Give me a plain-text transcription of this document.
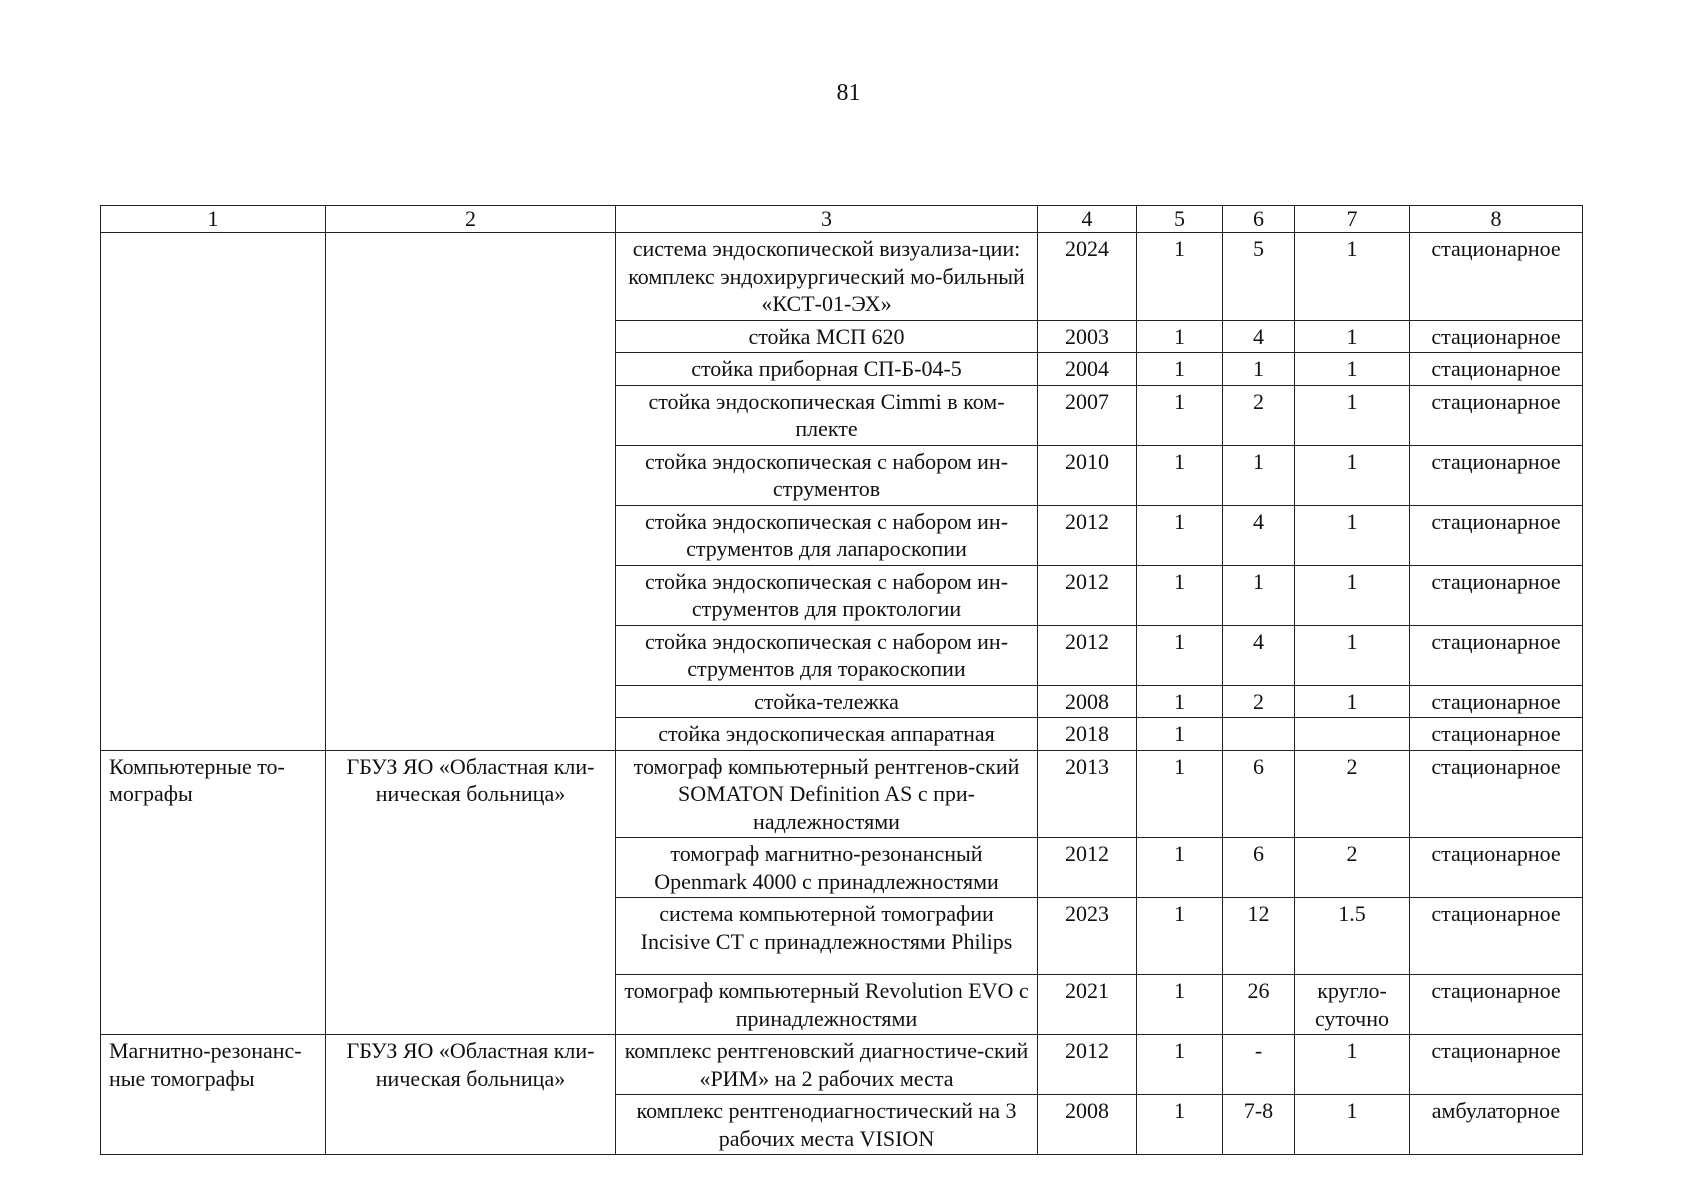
81
1	2	3	4	5	6	7	8
		система эндоскопической визуализа-ции: комплекс эндохирургический мо-бильный «КСТ-01-ЭХ»	2024	1	5	1	стационарное
		стойка МСП 620	2003	1	4	1	стационарное
		стойка приборная СП-Б-04-5	2004	1	1	1	стационарное
		стойка эндоскопическая Cimmi в ком-плекте	2007	1	2	1	стационарное
		стойка эндоскопическая с набором ин-струментов	2010	1	1	1	стационарное
		стойка эндоскопическая с набором ин-струментов для лапароскопии	2012	1	4	1	стационарное
		стойка эндоскопическая с набором ин-струментов для проктологии	2012	1	1	1	стационарное
		стойка эндоскопическая с набором ин-струментов для торакоскопии	2012	1	4	1	стационарное
		стойка-тележка	2008	1	2	1	стационарное
		стойка эндоскопическая аппаратная	2018	1			стационарное
Компьютерные то-мографы	ГБУЗ ЯО «Областная кли-ническая больница»	томограф компьютерный рентгенов-ский SOMATON Definition AS с при-надлежностями	2013	1	6	2	стационарное
		томограф магнитно-резонансный Openmark 4000 с принадлежностями	2012	1	6	2	стационарное
		система компьютерной томографии Incisive CT с принадлежностями Philips	2023	1	12	1.5	стационарное
		томограф компьютерный Revolution EVO с принадлежностями	2021	1	26	кругло-суточно	стационарное
Магнитно-резонанс-ные томографы	ГБУЗ ЯО «Областная кли-ническая больница»	комплекс рентгеновский диагностиче-ский «РИМ» на 2 рабочих места	2012	1	-	1	стационарное
		комплекс рентгенодиагностический на 3 рабочих места VISION	2008	1	7-8	1	амбулаторное
